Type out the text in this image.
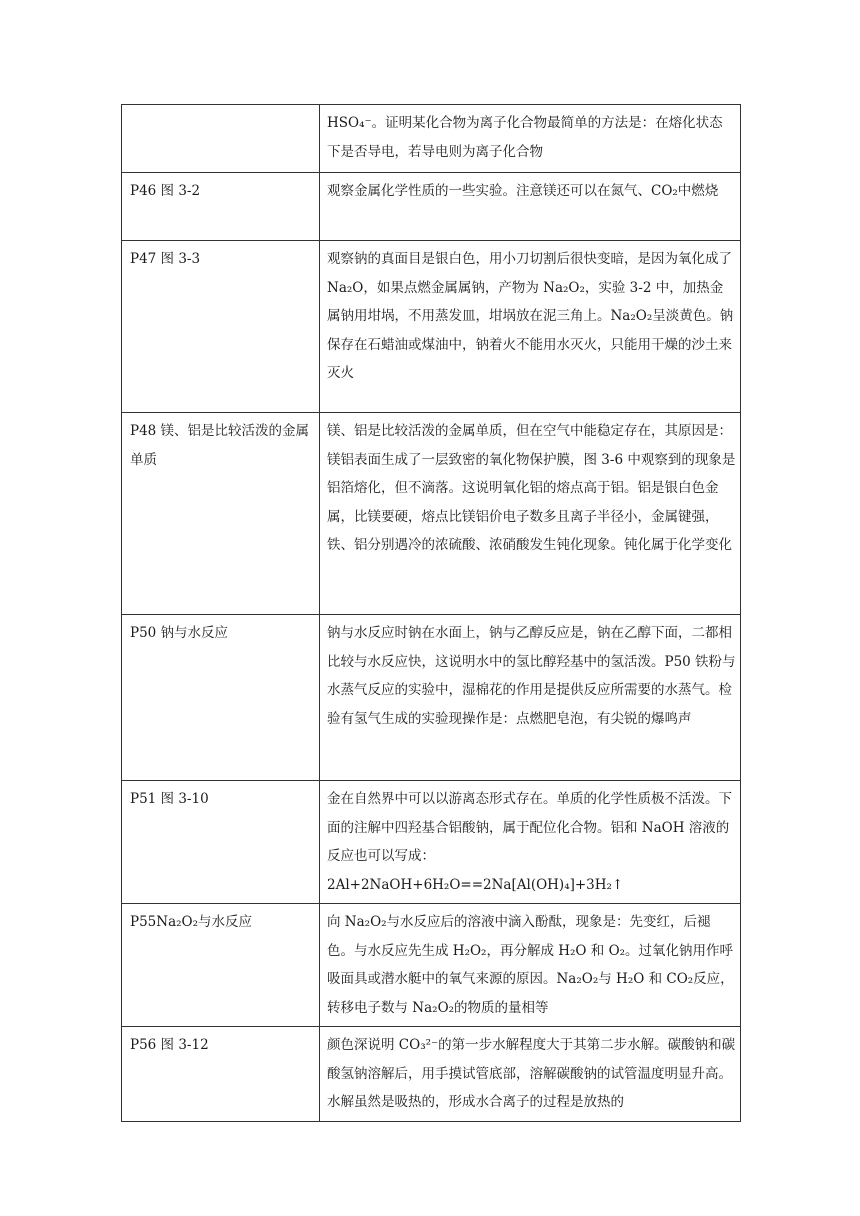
	HSO₄⁻。证明某化合物为离子化合物最简单的方法是：在熔化状态下是否导电，若导电则为离子化合物
P46 图 3-2	观察金属化学性质的一些实验。注意镁还可以在氮气、CO₂中燃烧
P47 图 3-3	观察钠的真面目是银白色，用小刀切割后很快变暗，是因为氧化成了 Na₂O，如果点燃金属属钠，产物为 Na₂O₂，实验 3-2 中，加热金属钠用坩埚，不用蒸发皿，坩埚放在泥三角上。Na₂O₂呈淡黄色。钠保存在石蜡油或煤油中，钠着火不能用水灭火，只能用干燥的沙土来灭火
P48 镁、铝是比较活泼的金属单质	镁、铝是比较活泼的金属单质，但在空气中能稳定存在，其原因是：镁铝表面生成了一层致密的氧化物保护膜，图 3-6 中观察到的现象是铝箔熔化，但不滴落。这说明氧化铝的熔点高于铝。铝是银白色金属，比镁要硬，熔点比镁铝价电子数多且离子半径小，金属键强，铁、铝分别遇冷的浓硫酸、浓硝酸发生钝化现象。钝化属于化学变化
P50 钠与水反应	钠与水反应时钠在水面上，钠与乙醇反应是，钠在乙醇下面，二都相比较与水反应快，这说明水中的氢比醇羟基中的氢活泼。P50 铁粉与水蒸气反应的实验中，湿棉花的作用是提供反应所需要的水蒸气。检验有氢气生成的实验现操作是：点燃肥皂泡，有尖锐的爆鸣声
P51 图 3-10	金在自然界中可以以游离态形式存在。单质的化学性质极不活泼。下面的注解中四羟基合铝酸钠，属于配位化合物。铝和 NaOH 溶液的反应也可以写成：
2Al+2NaOH+6H₂O==2Na[Al(OH)₄]+3H₂↑
P55Na₂O₂与水反应	向 Na₂O₂与水反应后的溶液中滴入酚酞，现象是：先变红，后褪色。与水反应先生成 H₂O₂，再分解成 H₂O 和 O₂。过氧化钠用作呼吸面具或潜水艇中的氧气来源的原因。Na₂O₂与 H₂O 和 CO₂反应，转移电子数与 Na₂O₂的物质的量相等
P56 图 3-12	颜色深说明 CO₃²⁻的第一步水解程度大于其第二步水解。碳酸钠和碳酸氢钠溶解后，用手摸试管底部，溶解碳酸钠的试管温度明显升高。水解虽然是吸热的，形成水合离子的过程是放热的
